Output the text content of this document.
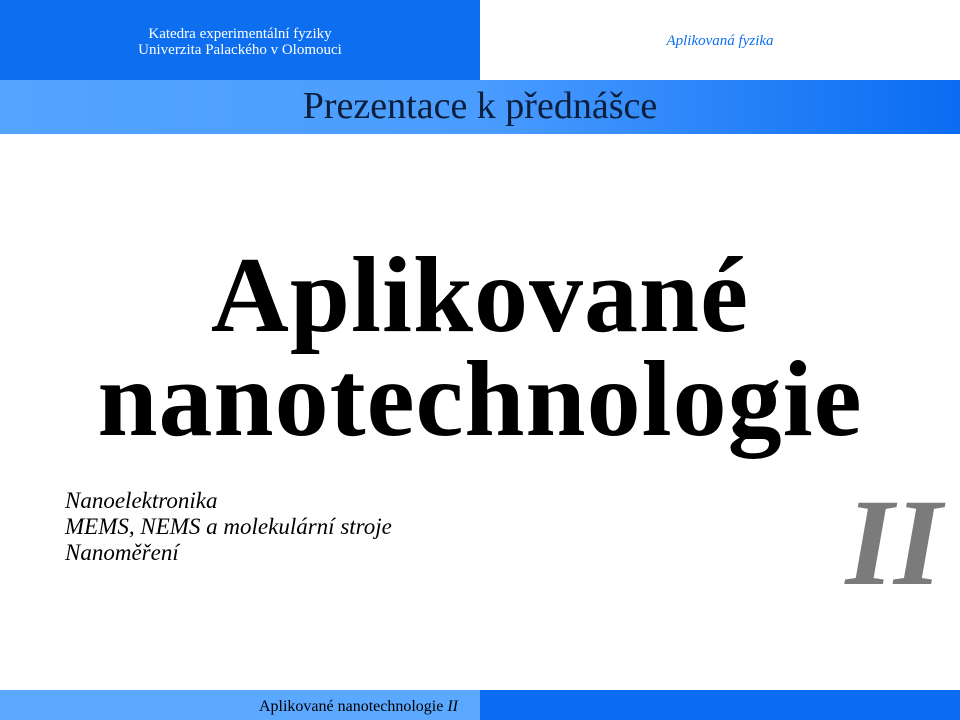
Katedra experimentální fyziky
Univerzita Palackého v Olomouci
Aplikovaná fyzika
Prezentace k přednášce
Aplikované
nanotechnologie
Nanoelektronika
MEMS, NEMS a molekulární stroje
Nanoměření	II
Aplikované nanotechnologie II
